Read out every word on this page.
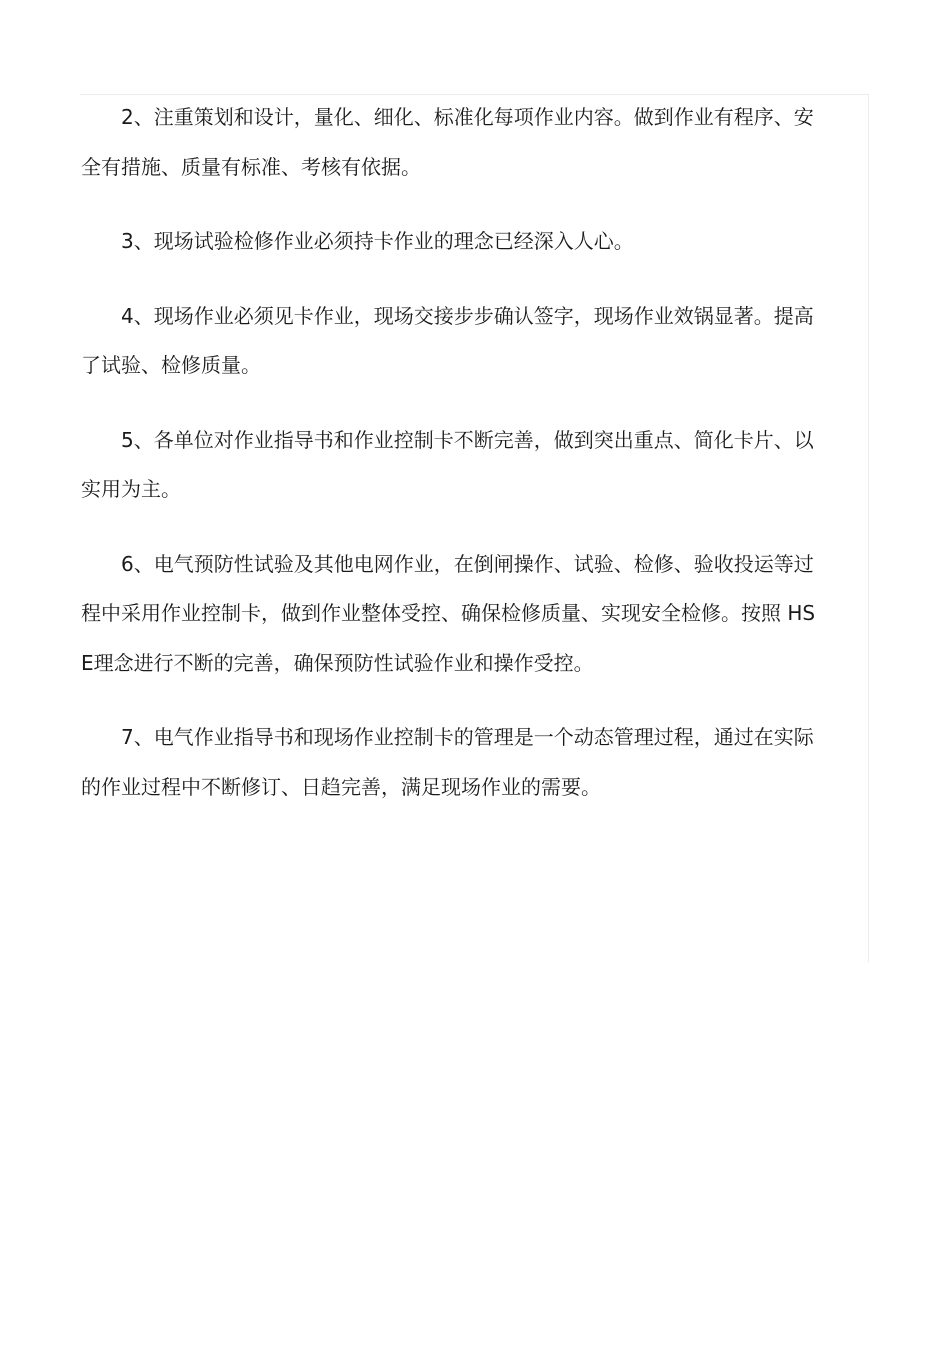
2、注重策划和设计，量化、细化、标准化每项作业内容。做到作业有程序、安全有措施、质量有标准、考核有依据。

3、现场试验检修作业必须持卡作业的理念已经深入人心。

4、现场作业必须见卡作业，现场交接步步确认签字，现场作业效锅显著。提高了试验、检修质量。

5、各单位对作业指导书和作业控制卡不断完善，做到突出重点、简化卡片、以实用为主。

6、电气预防性试验及其他电网作业，在倒闸操作、试验、检修、验收投运等过程中采用作业控制卡，做到作业整体受控、确保检修质量、实现安全检修。按照 HSE理念进行不断的完善，确保预防性试验作业和操作受控。

7、电气作业指导书和现场作业控制卡的管理是一个动态管理过程，通过在实际的作业过程中不断修订、日趋完善，满足现场作业的需要。
